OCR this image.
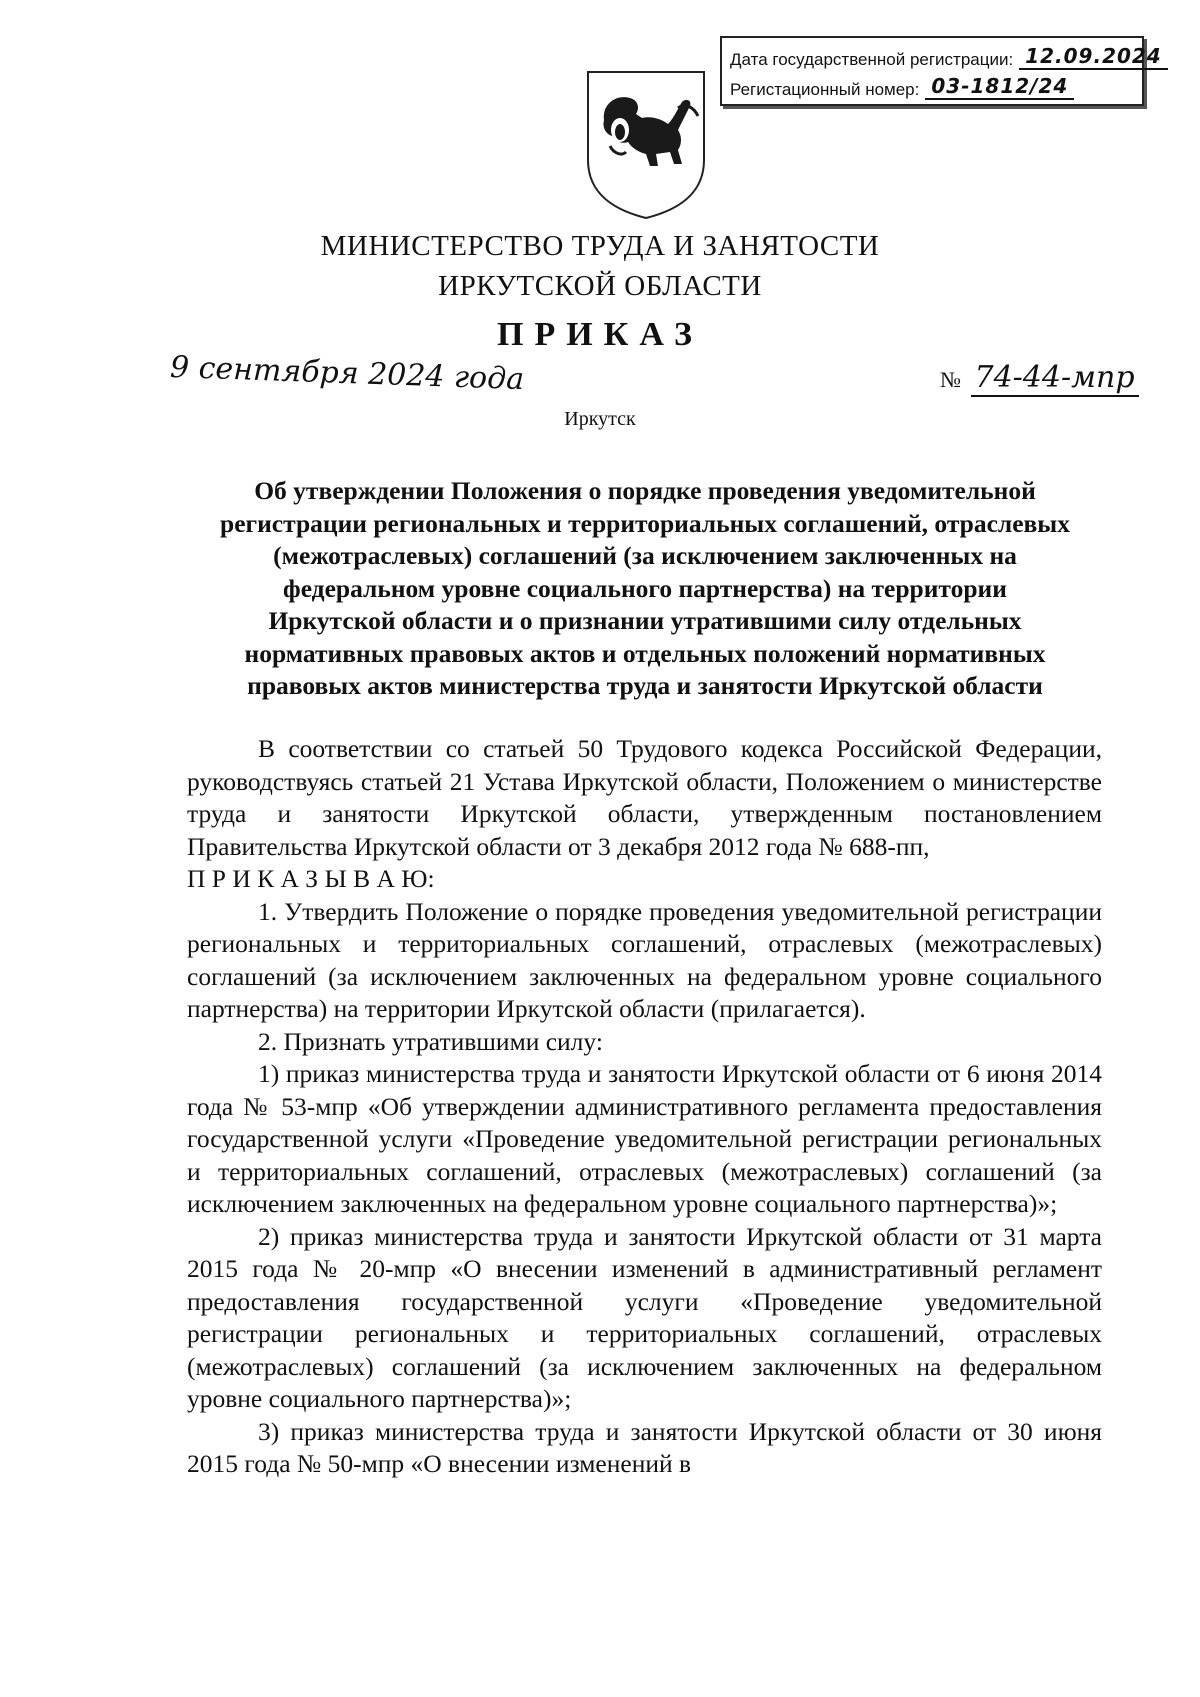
Дата государственной регистрации: 12.09.2024
Регистационный номер: 03-1812/24
МИНИСТЕРСТВО ТРУДА И ЗАНЯТОСТИ
ИРКУТСКОЙ ОБЛАСТИ
ПРИКАЗ
9 сентября 2024 года	№ 74-44-мпр
Иркутск
Об утверждении Положения о порядке проведения уведомительной
регистрации региональных и территориальных соглашений, отраслевых
(межотраслевых) соглашений (за исключением заключенных на
федеральном уровне социального партнерства) на территории
Иркутской области и о признании утратившими силу отдельных
нормативных правовых актов и отдельных положений нормативных
правовых актов министерства труда и занятости Иркутской области

В соответствии со статьей 50 Трудового кодекса Российской Федерации, руководствуясь статьей 21 Устава Иркутской области, Положением о министерстве труда и занятости Иркутской области, утвержденным постановлением Правительства Иркутской области от 3 декабря 2012 года № 688-пп,

П Р И К А З Ы В А Ю:

1. Утвердить Положение о порядке проведения уведомительной регистрации региональных и территориальных соглашений, отраслевых (межотраслевых) соглашений (за исключением заключенных на федеральном уровне социального партнерства) на территории Иркутской области (прилагается).

2. Признать утратившими силу:

1) приказ министерства труда и занятости Иркутской области от 6 июня 2014 года № 53-мпр «Об утверждении административного регламента предоставления государственной услуги «Проведение уведомительной регистрации региональных и территориальных соглашений, отраслевых (межотраслевых) соглашений (за исключением заключенных на федеральном уровне социального партнерства)»;

2) приказ министерства труда и занятости Иркутской области от 31 марта 2015 года № 20-мпр «О внесении изменений в административный регламент предоставления государственной услуги «Проведение уведомительной регистрации региональных и территориальных соглашений, отраслевых (межотраслевых) соглашений (за исключением заключенных на федеральном уровне социального партнерства)»;

3) приказ министерства труда и занятости Иркутской области от 30 июня 2015 года № 50-мпр «О внесении изменений в
